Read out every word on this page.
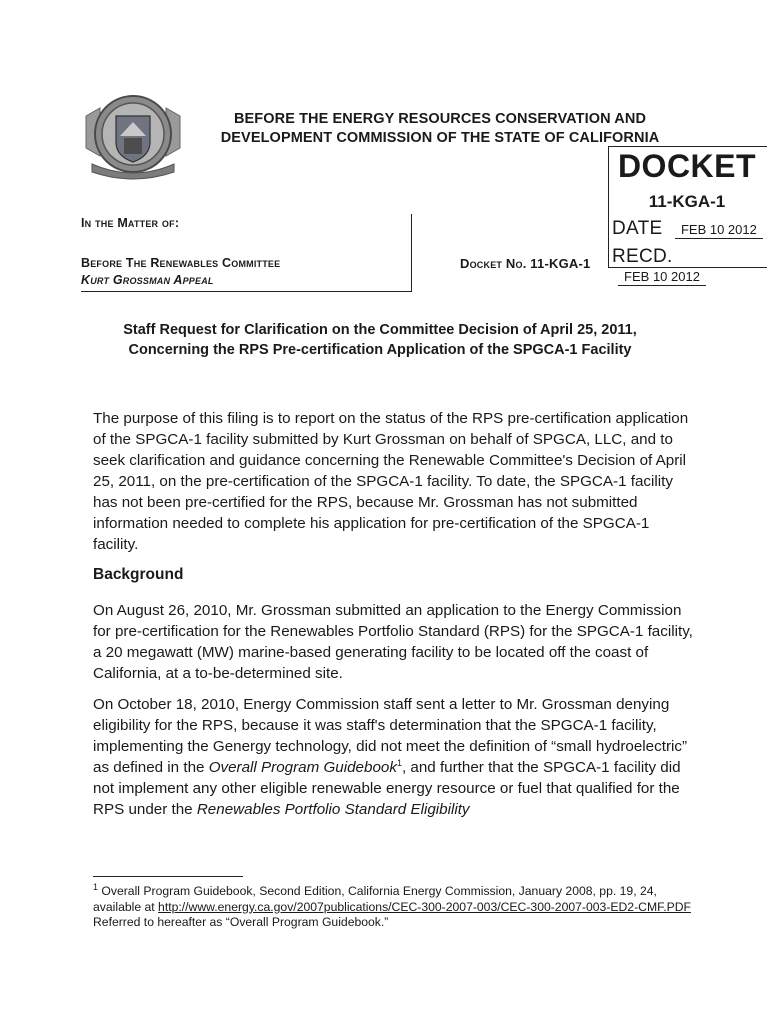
BEFORE THE ENERGY RESOURCES CONSERVATION AND
DEVELOPMENT COMMISSION OF THE STATE OF CALIFORNIA
DOCKET
11-KGA-1
DATE FEB 10 2012
RECD. FEB 10 2012
In the Matter of:
Before The Renewables Committee
Kurt Grossman Appeal
Docket No. 11-KGA-1
Staff Request for Clarification on the Committee Decision of April 25, 2011,
Concerning the RPS Pre-certification Application of the SPGCA-1 Facility

The purpose of this filing is to report on the status of the RPS pre-certification application of the SPGCA-1 facility submitted by Kurt Grossman on behalf of SPGCA, LLC, and to seek clarification and guidance concerning the Renewable Committee's Decision of April 25, 2011, on the pre-certification of the SPGCA-1 facility. To date, the SPGCA-1 facility has not been pre-certified for the RPS, because Mr. Grossman has not submitted information needed to complete his application for pre-certification of the SPGCA-1 facility.

Background

On August 26, 2010, Mr. Grossman submitted an application to the Energy Commission for pre-certification for the Renewables Portfolio Standard (RPS) for the SPGCA-1 facility, a 20 megawatt (MW) marine-based generating facility to be located off the coast of California, at a to-be-determined site.

On October 18, 2010, Energy Commission staff sent a letter to Mr. Grossman denying eligibility for the RPS, because it was staff's determination that the SPGCA-1 facility, implementing the Genergy technology, did not meet the definition of “small hydroelectric” as defined in the Overall Program Guidebook$^1$, and further that the SPGCA-1 facility did not implement any other eligible renewable energy resource or fuel that qualified for the RPS under the Renewables Portfolio Standard Eligibility

$^1$ Overall Program Guidebook, Second Edition, California Energy Commission, January 2008, pp. 19, 24, available at http://www.energy.ca.gov/2007publications/CEC-300-2007-003/CEC-300-2007-003-ED2-CMF.PDF Referred to hereafter as “Overall Program Guidebook.”
